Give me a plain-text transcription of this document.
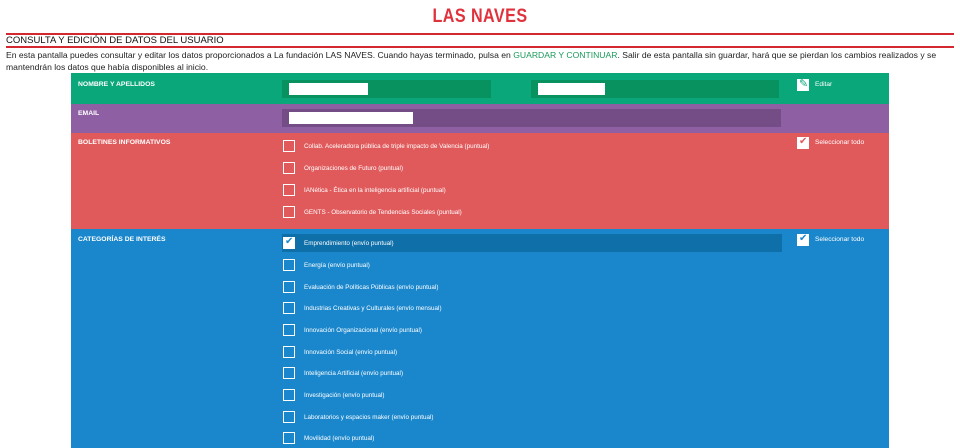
LAS NAVES
CONSULTA Y EDICIÓN DE DATOS DEL USUARIO
En esta pantalla puedes consultar y editar los datos proporcionados a La fundación LAS NAVES. Cuando hayas terminado, pulsa en GUARDAR Y CONTINUAR. Salir de esta pantalla sin guardar, hará que se pierdan los cambios realizados y se mantendrán los datos que había disponibles al inicio.
NOMBRE Y APELLIDOS ✎	Editar
EMAIL
BOLETINES INFORMATIVOS ✔	Seleccionar todo
Collab. Aceleradora pública de triple impacto de Valencia (puntual)
Organizaciones de Futuro (puntual)
IANética - Ética en la inteligencia artificial (puntual)
GENTS - Observatorio de Tendencias Sociales (puntual)
CATEGORÍAS DE INTERÉS ✔	Seleccionar todo
✔
Emprendimiento (envío puntual)
Energía (envío puntual)
Evaluación de Políticas Públicas (envío puntual)
Industrias Creativas y Culturales (envío mensual)
Innovación Organizacional (envío puntual)
Innovación Social (envío puntual)
Inteligencia Artificial (envío puntual)
Investigación (envío puntual)
Laboratorios y espacios maker (envío puntual)
Movilidad (envío puntual)
